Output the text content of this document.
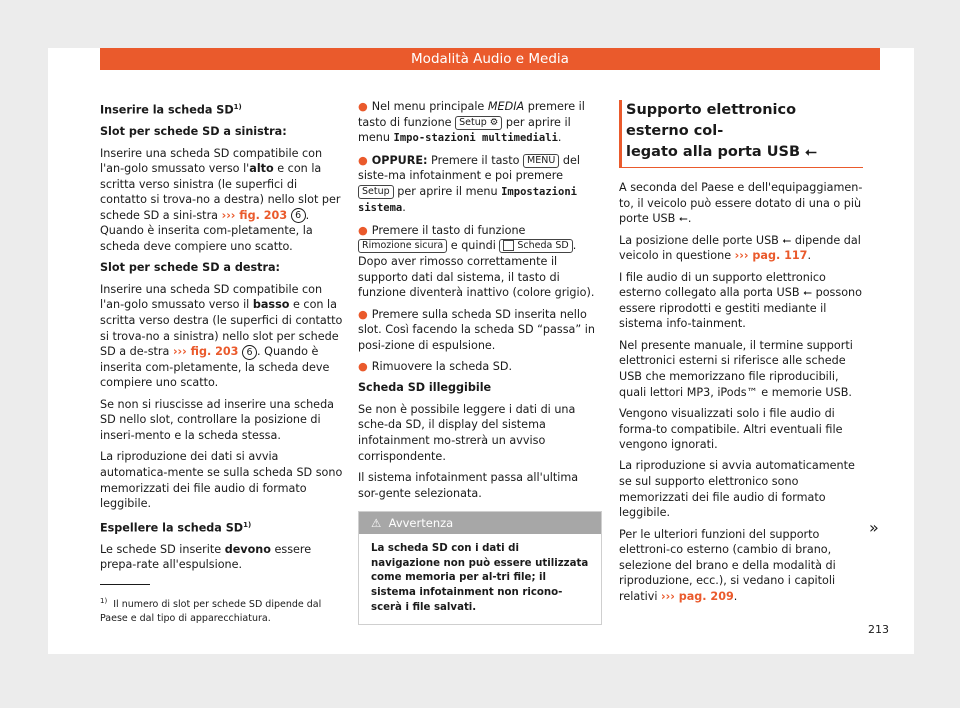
Modalità Audio e Media

Inserire la scheda SD$^{1)}$

Slot per schede SD a sinistra:

Inserire una scheda SD compatibile con l'an-golo smussato verso l'alto e con la scritta verso sinistra (le superfici di contatto si trova-no a destra) nello slot per schede SD a sini-stra ››› fig. 203 6 . Quando è inserita com-pletamente, la scheda deve compiere uno scatto.

Slot per schede SD a destra:

Inserire una scheda SD compatibile con l'an-golo smussato verso il basso e con la scritta verso destra (le superfici di contatto si trova-no a sinistra) nello slot per schede SD a de-stra ››› fig. 203 6 . Quando è inserita com-pletamente, la scheda deve compiere uno scatto.

Se non si riuscisse ad inserire una scheda SD nello slot, controllare la posizione di inseri-mento e la scheda stessa.

La riproduzione dei dati si avvia automatica-mente se sulla scheda SD sono memorizzati dei file audio di formato leggibile.

Espellere la scheda SD$^{1)}$

Le schede SD inserite devono essere prepa-rate all'espulsione.

● Nel menu principale MEDIA premere il tasto di funzione Setup ⚙ per aprire il menu Impo-stazioni multimediali.

● OPPURE: Premere il tasto MENU del siste-ma infotainment e poi premere Setup per aprire il menu Impostazioni sistema.

● Premere il tasto di funzione Rimozione sicura e quindi Scheda SD . Dopo aver rimosso correttamente il supporto dati dal sistema, il tasto di funzione diventerà inattivo (colore grigio).

● Premere sulla scheda SD inserita nello slot. Così facendo la scheda SD “passa” in posi-zione di espulsione.

● Rimuovere la scheda SD.

Scheda SD illeggibile

Se non è possibile leggere i dati di una sche-da SD, il display del sistema infotainment mo-strerà un avviso corrispondente.

Il sistema infotainment passa all'ultima sor-gente selezionata.

⚠ Avvertenza
La scheda SD con i dati di navigazione non può essere utilizzata come memoria per al-tri file; il sistema infotainment non ricono-scerà i file salvati.
Supporto elettronico esterno col-
legato alla porta USB ⭠

A seconda del Paese e dell'equipaggiamen-to, il veicolo può essere dotato di una o più porte USB ⭠.

La posizione delle porte USB ⭠ dipende dal veicolo in questione ››› pag. 117.

I file audio di un supporto elettronico esterno collegato alla porta USB ⭠ possono essere riprodotti e gestiti mediante il sistema info-tainment.

Nel presente manuale, il termine supporti elettronici esterni si riferisce alle schede USB che memorizzano file riproducibili, quali lettori MP3, iPods™ e memorie USB.

Vengono visualizzati solo i file audio di forma-to compatibile. Altri eventuali file vengono ignorati.

La riproduzione si avvia automaticamente se sul supporto elettronico sono memorizzati dei file audio di formato leggibile.

Per le ulteriori funzioni del supporto elettroni-co esterno (cambio di brano, selezione del brano e della modalità di riproduzione, ecc.), si vedano i capitoli relativi ››› pag. 209.

»
$^{1)}$ Il numero di slot per schede SD dipende dal Paese e dal tipo di apparecchiatura.
213
